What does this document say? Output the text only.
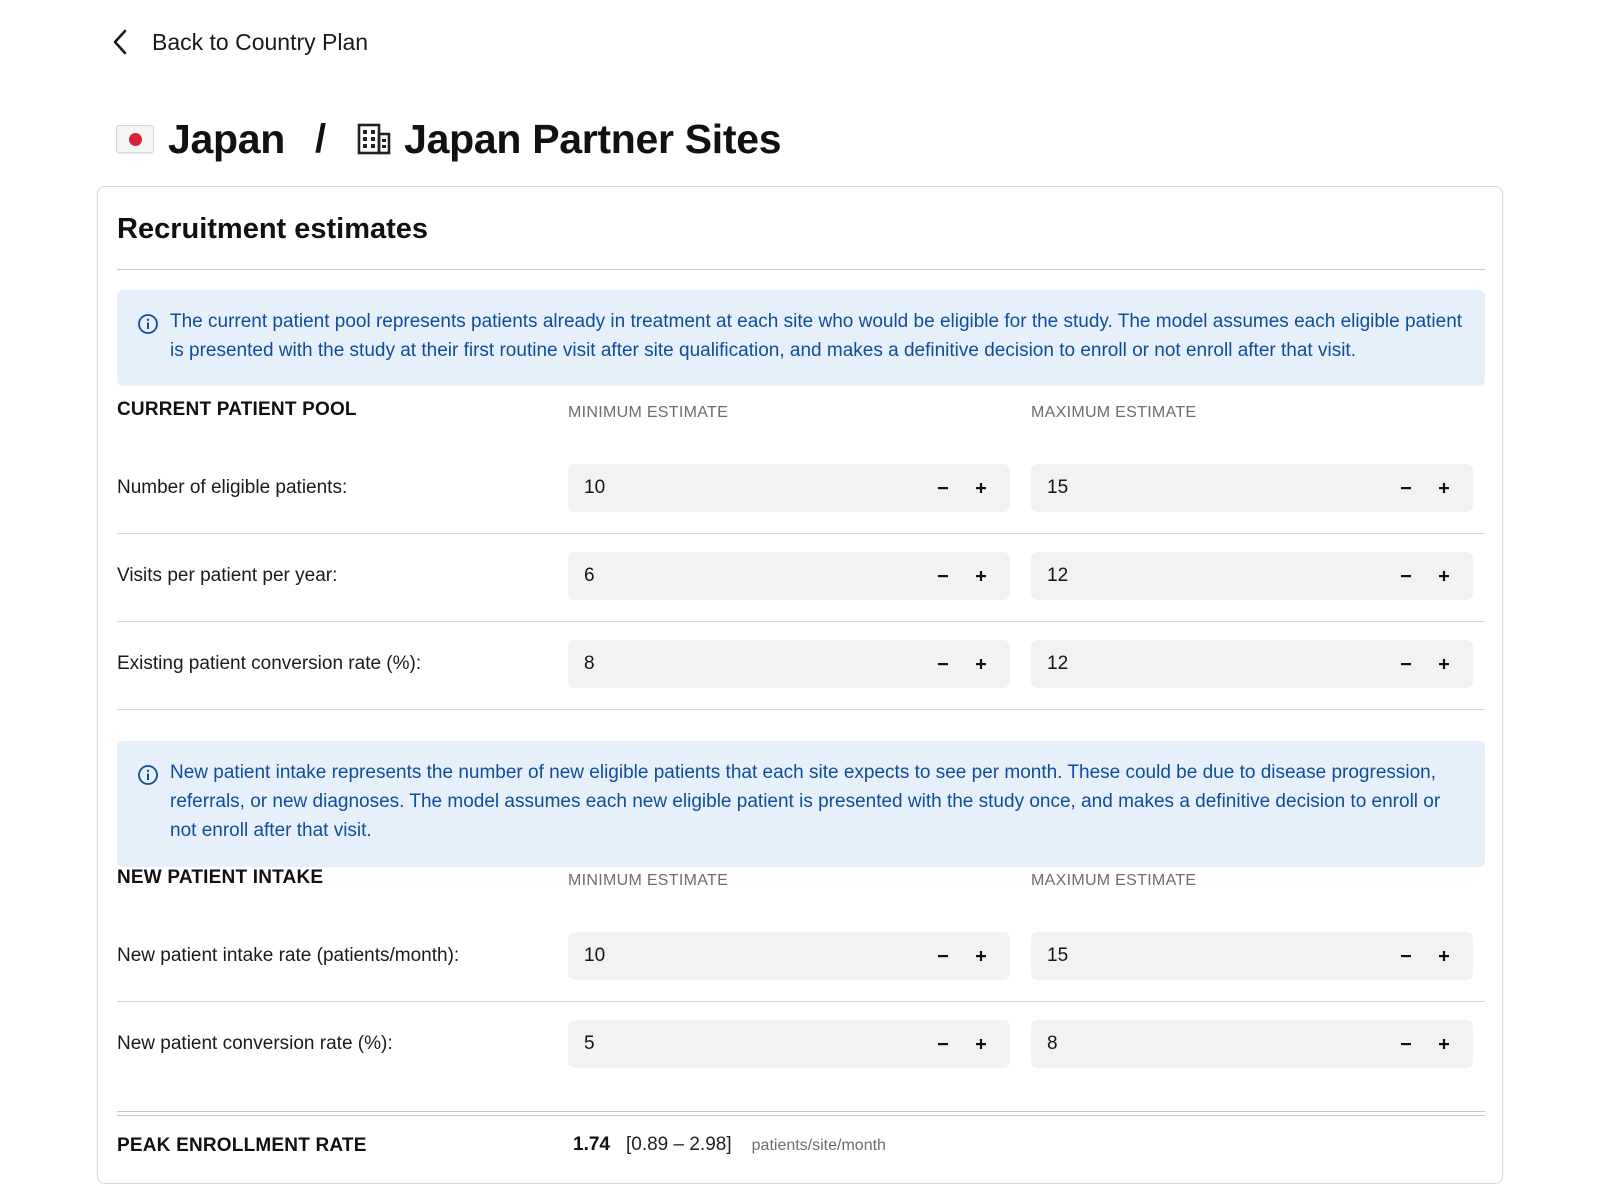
Back to Country Plan
Japan / Japan Partner Sites
Recruitment estimates
The current patient pool represents patients already in treatment at each site who would be eligible for the study. The model assumes each eligible patient is presented with the study at their first routine visit after site qualification, and makes a definitive decision to enroll or not enroll after that visit.
CURRENT PATIENT POOL	MINIMUM ESTIMATE	MAXIMUM ESTIMATE
Number of eligible patients:	10	15
Visits per patient per year:	6	12
Existing patient conversion rate (%):	8	12
New patient intake represents the number of new eligible patients that each site expects to see per month. These could be due to disease progression, referrals, or new diagnoses. The model assumes each new eligible patient is presented with the study once, and makes a definitive decision to enroll or not enroll after that visit.
NEW PATIENT INTAKE	MINIMUM ESTIMATE	MAXIMUM ESTIMATE
New patient intake rate (patients/month):	10	15
New patient conversion rate (%):	5	8
PEAK ENROLLMENT RATE	1.74 [0.89 – 2.98] patients/site/month
